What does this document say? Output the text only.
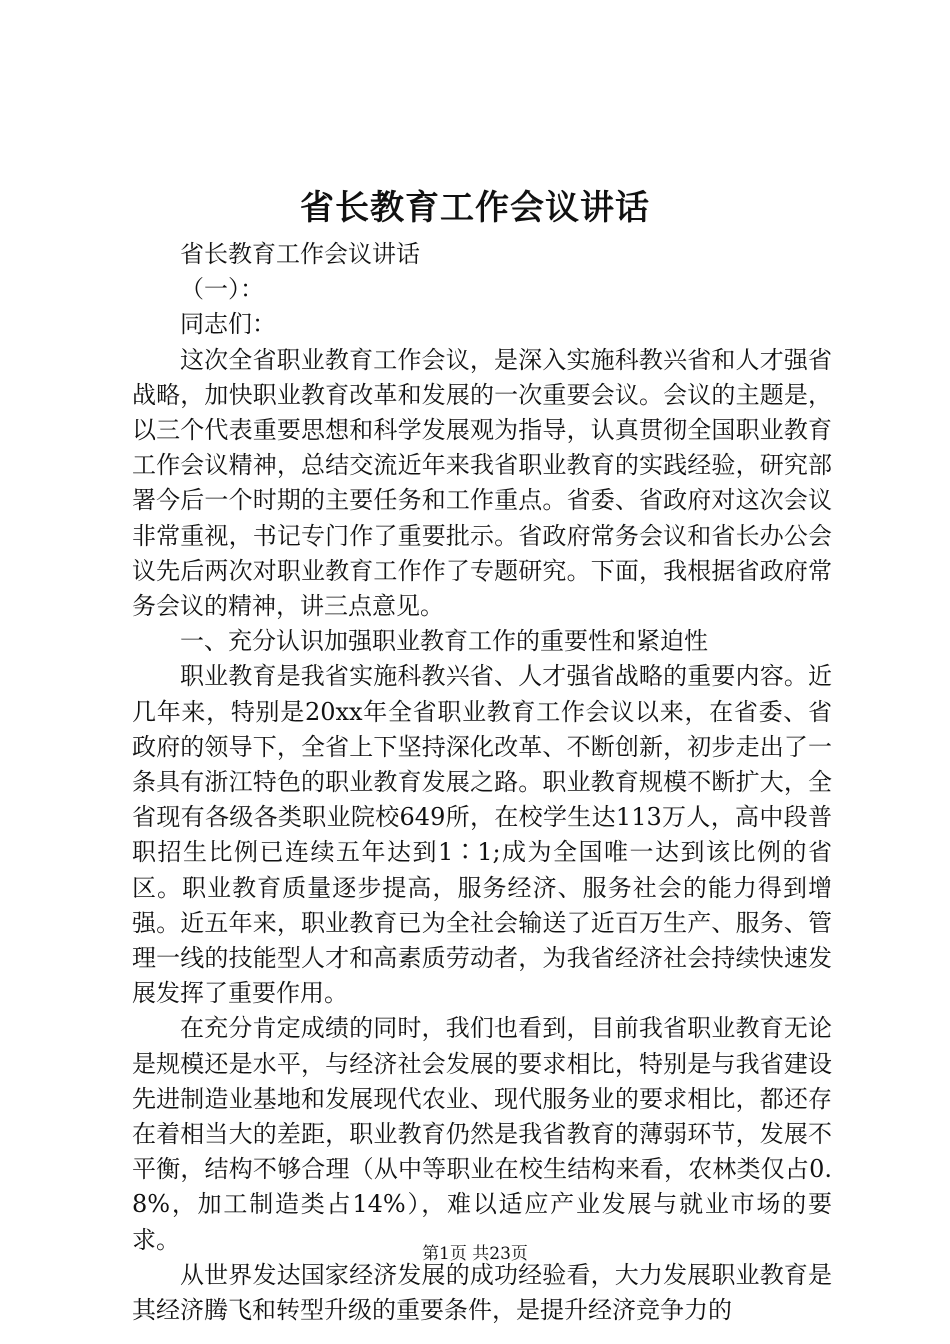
省长教育工作会议讲话

省长教育工作会议讲话

（一）：

同志们：

这次全省职业教育工作会议，是深入实施科教兴省和人才强省战略，加快职业教育改革和发展的一次重要会议。会议的主题是，以三个代表重要思想和科学发展观为指导，认真贯彻全国职业教育工作会议精神，总结交流近年来我省职业教育的实践经验，研究部署今后一个时期的主要任务和工作重点。省委、省政府对这次会议非常重视，书记专门作了重要批示。省政府常务会议和省长办公会议先后两次对职业教育工作作了专题研究。下面，我根据省政府常务会议的精神，讲三点意见。

一、充分认识加强职业教育工作的重要性和紧迫性

职业教育是我省实施科教兴省、人才强省战略的重要内容。近几年来，特别是20xx年全省职业教育工作会议以来，在省委、省政府的领导下，全省上下坚持深化改革、不断创新，初步走出了一条具有浙江特色的职业教育发展之路。职业教育规模不断扩大，全省现有各级各类职业院校649所，在校学生达113万人，高中段普职招生比例已连续五年达到1∶1;成为全国唯一达到该比例的省区。职业教育质量逐步提高，服务经济、服务社会的能力得到增强。近五年来，职业教育已为全社会输送了近百万生产、服务、管理一线的技能型人才和高素质劳动者，为我省经济社会持续快速发展发挥了重要作用。

在充分肯定成绩的同时，我们也看到，目前我省职业教育无论是规模还是水平，与经济社会发展的要求相比，特别是与我省建设先进制造业基地和发展现代农业、现代服务业的要求相比，都还存在着相当大的差距，职业教育仍然是我省教育的薄弱环节，发展不平衡，结构不够合理（从中等职业在校生结构来看，农林类仅占0.8%，加工制造类占14%），难以适应产业发展与就业市场的要求。

从世界发达国家经济发展的成功经验看，大力发展职业教育是其经济腾飞和转型升级的重要条件，是提升经济竞争力的

第1页 共23页
